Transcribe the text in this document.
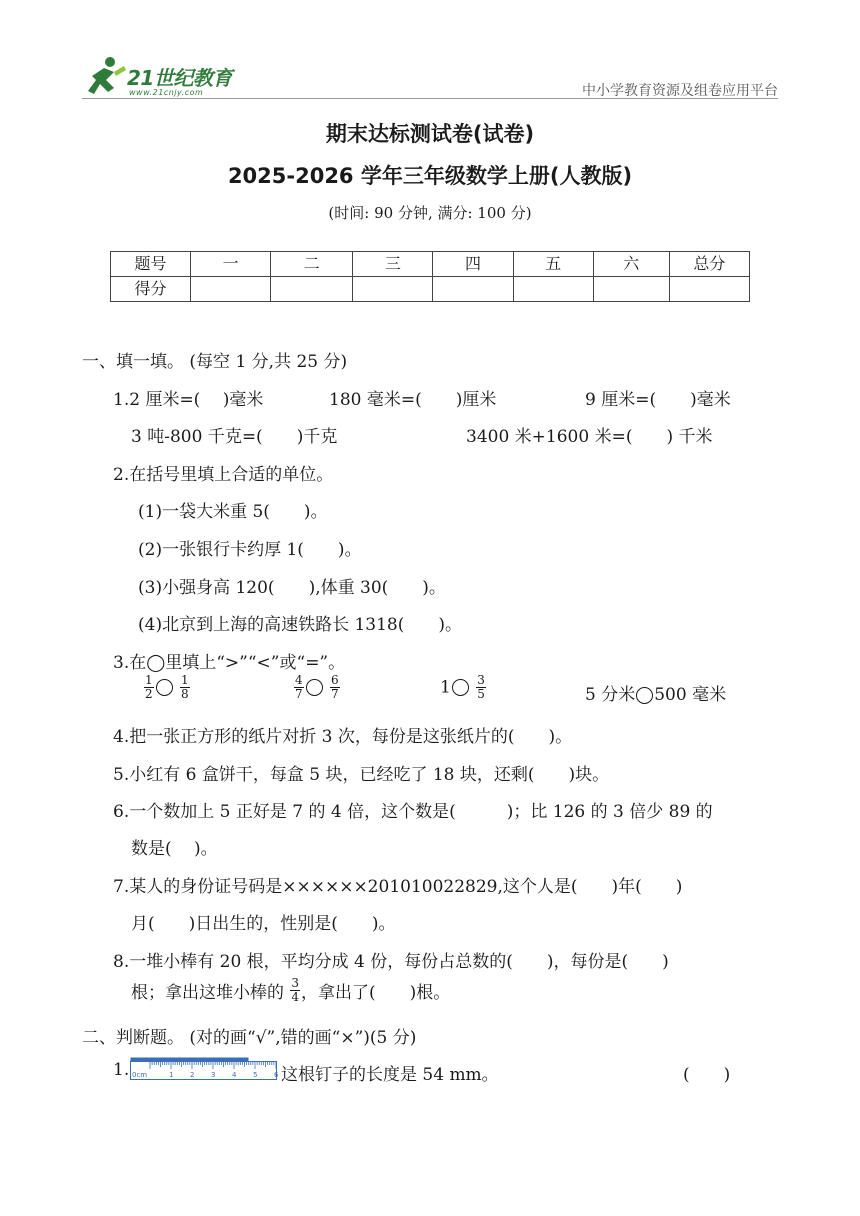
21世纪教育
www.21cnjy.com	中小学教育资源及组卷应用平台
期末达标测试卷(试卷)
2025-2026 学年三年级数学上册(人教版)
(时间: 90 分钟, 满分: 100 分)
题号	一	二	三	四	五	六	总分
得分							
一、填一填。 (每空 1 分,共 25 分)
1.2 厘米=(　 )毫米	180 毫米=(　　)厘米	9 厘米=(　　)毫米
3 吨-800 千克=(　　)千克	3400 米+1600 米=(　　) 千米
2.在括号里填上合适的单位。
(1)一袋大米重 5(　　)。
(2)一张银行卡约厚 1(　　)。
(3)小强身高 120(　　),体重 30(　　)。
(4)北京到上海的高速铁路长 1318(　　)。
3.在◯里填上“>”“<”或“=”。
$\frac{1}{2}$
$\frac{1}{8}$	$\frac{4}{7}$
$\frac{6}{7}$	$1 \frac{3}{5}$	5 分米 500 毫米
4.把一张正方形的纸片对折 3 次，每份是这张纸片的(　　)。
5.小红有 6 盒饼干，每盒 5 块，已经吃了 18 块，还剩(　　)块。
6.一个数加上 5 正好是 7 的 4 倍，这个数是(　　　)；比 126 的 3 倍少 89 的
数是(　 )。
7.某人的身份证号码是××××××201010022829,这个人是(　　)年(　　)
月(　　)日出生的，性别是(　　)。
8.一堆小棒有 20 根，平均分成 4 份，每份占总数的(　　)，每份是(　　)
根；拿出这堆小棒的 $\frac{3}{4}$ ，拿出了(　　)根。
二、判断题。 (对的画“√”,错的画“×”)(5 分)
1. 0cm	1 2 3 4 5 6 这根钉子的长度是 54 mm。	(　　)
